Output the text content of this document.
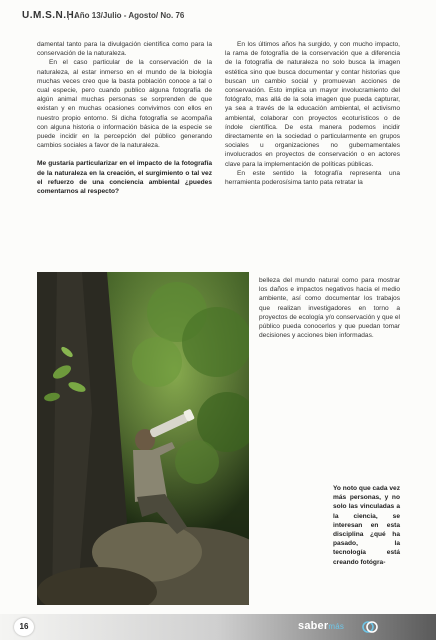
U.M.S.N.H.
Año 13/Julio - Agosto/ No. 76

damental tanto para la divulgación científica como para la conservación de la naturaleza.

En el caso particular de la conservación de la naturaleza, al estar inmerso en el mundo de la biología muchas veces creo que la basta población conoce a tal o cual especie, pero cuando publico alguna fotografía de algún animal muchas personas se sorprenden de que existan y en muchas ocasiones convivimos con ellos en nuestro propio entorno. Si dicha fotografía se acompaña con alguna historia o información básica de la especie se puede incidir en la percepción del público generando cambios sociales a favor de la naturaleza.

Me gustaría particularizar en el impacto de la fotografía de la naturaleza en la creación, el surgimiento o tal vez el refuerzo de una conciencia ambiental ¿puedes comentarnos al respecto?

En los últimos años ha surgido, y con mucho impacto, la rama de fotografía de la conservación que a diferencia de la fotografía de naturaleza no solo busca la imagen estética sino que busca documentar y contar historias que buscan un cambio social y promuevan acciones de conservación. Esto implica un mayor involucramiento del fotógrafo, mas allá de la sola imagen que pueda capturar, ya sea a través de la educación ambiental, el activismo ambiental, colaborar con proyectos ecoturísticos o de índole científica. De esta manera podemos incidir directamente en la sociedad o particularmente en grupos sociales u organizaciones no gubernamentales involucrados en proyectos de conservación o en actores clave para la implementación de políticas públicas.

En este sentido la fotografía representa una herramienta poderosísima tanto pata retratar la

belleza del mundo natural como para mostrar los daños e impactos negativos hacia el medio ambiente, así como documentar los trabajos que realizan investigadores en torno a proyectos de ecología y/o conservación y que el público pueda conocerlos y que puedan tomar decisiones y acciones bien informadas.

Yo noto que cada vez más personas, y no solo las vinculadas a la ciencia, se interesan en esta disciplina ¿qué ha pasado, la tecnología está creando fotógra-
16	sabermás
